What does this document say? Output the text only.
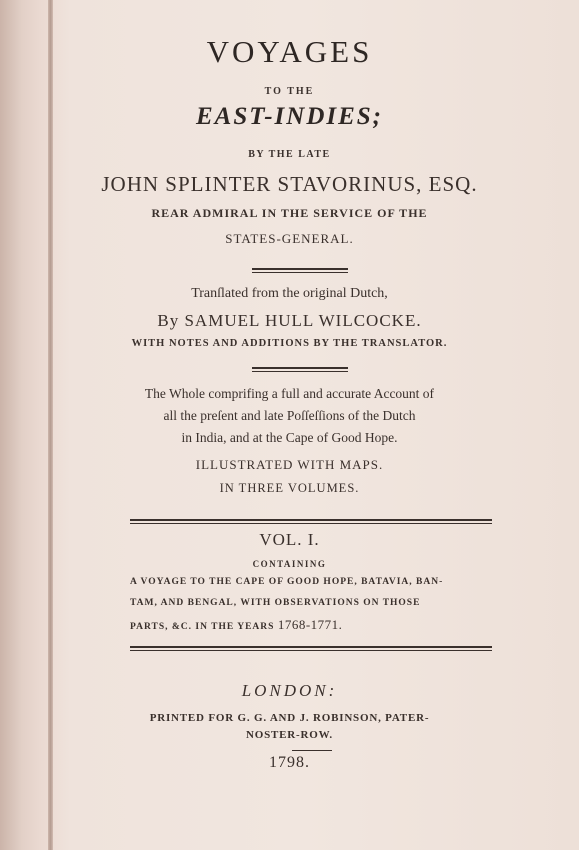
VOYAGES
TO THE
EAST-INDIES;
BY THE LATE
JOHN SPLINTER STAVORINUS, ESQ.
REAR ADMIRAL IN THE SERVICE OF THE
STATES-GENERAL.
Tranſlated from the original Dutch,
By SAMUEL HULL WILCOCKE.
WITH NOTES AND ADDITIONS BY THE TRANSLATOR.
The Whole comprifing a full and accurate Account of
all the preſent and late Poſſeſſions of the Dutch
in India, and at the Cape of Good Hope.
ILLUSTRATED WITH MAPS.
IN THREE VOLUMES.
VOL. I.
CONTAINING
A VOYAGE TO THE CAPE OF GOOD HOPE, BATAVIA, BAN-
TAM, AND BENGAL, WITH OBSERVATIONS ON THOSE
PARTS, &C. IN THE YEARS 1768-1771.
LONDON:
PRINTED FOR G. G. AND J. ROBINSON, PATER-
NOSTER-ROW.
1798.
